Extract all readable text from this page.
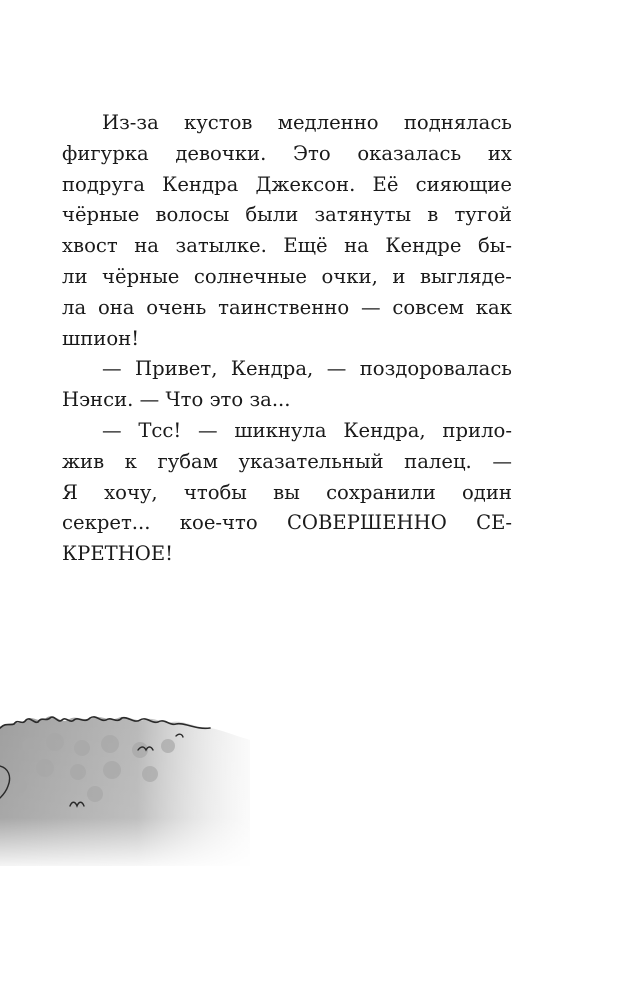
Из-за кустов медленно поднялась
фигурка девочки. Это оказалась их
подруга Кендра Джексон. Её сияющие
чёрные волосы были затянуты в тугой
хвост на затылке. Ещё на Кендре бы-
ли чёрные солнечные очки, и выгляде-
ла она очень таинственно — совсем как
шпион!
— Привет, Кендра, — поздоровалась
Нэнси. — Что это за...
— Тсс! — шикнула Кендра, прило-
жив к губам указательный палец. —
Я хочу, чтобы вы сохранили один
секрет... кое-что СОВЕРШЕННО СЕ-
КРЕТНОЕ!
